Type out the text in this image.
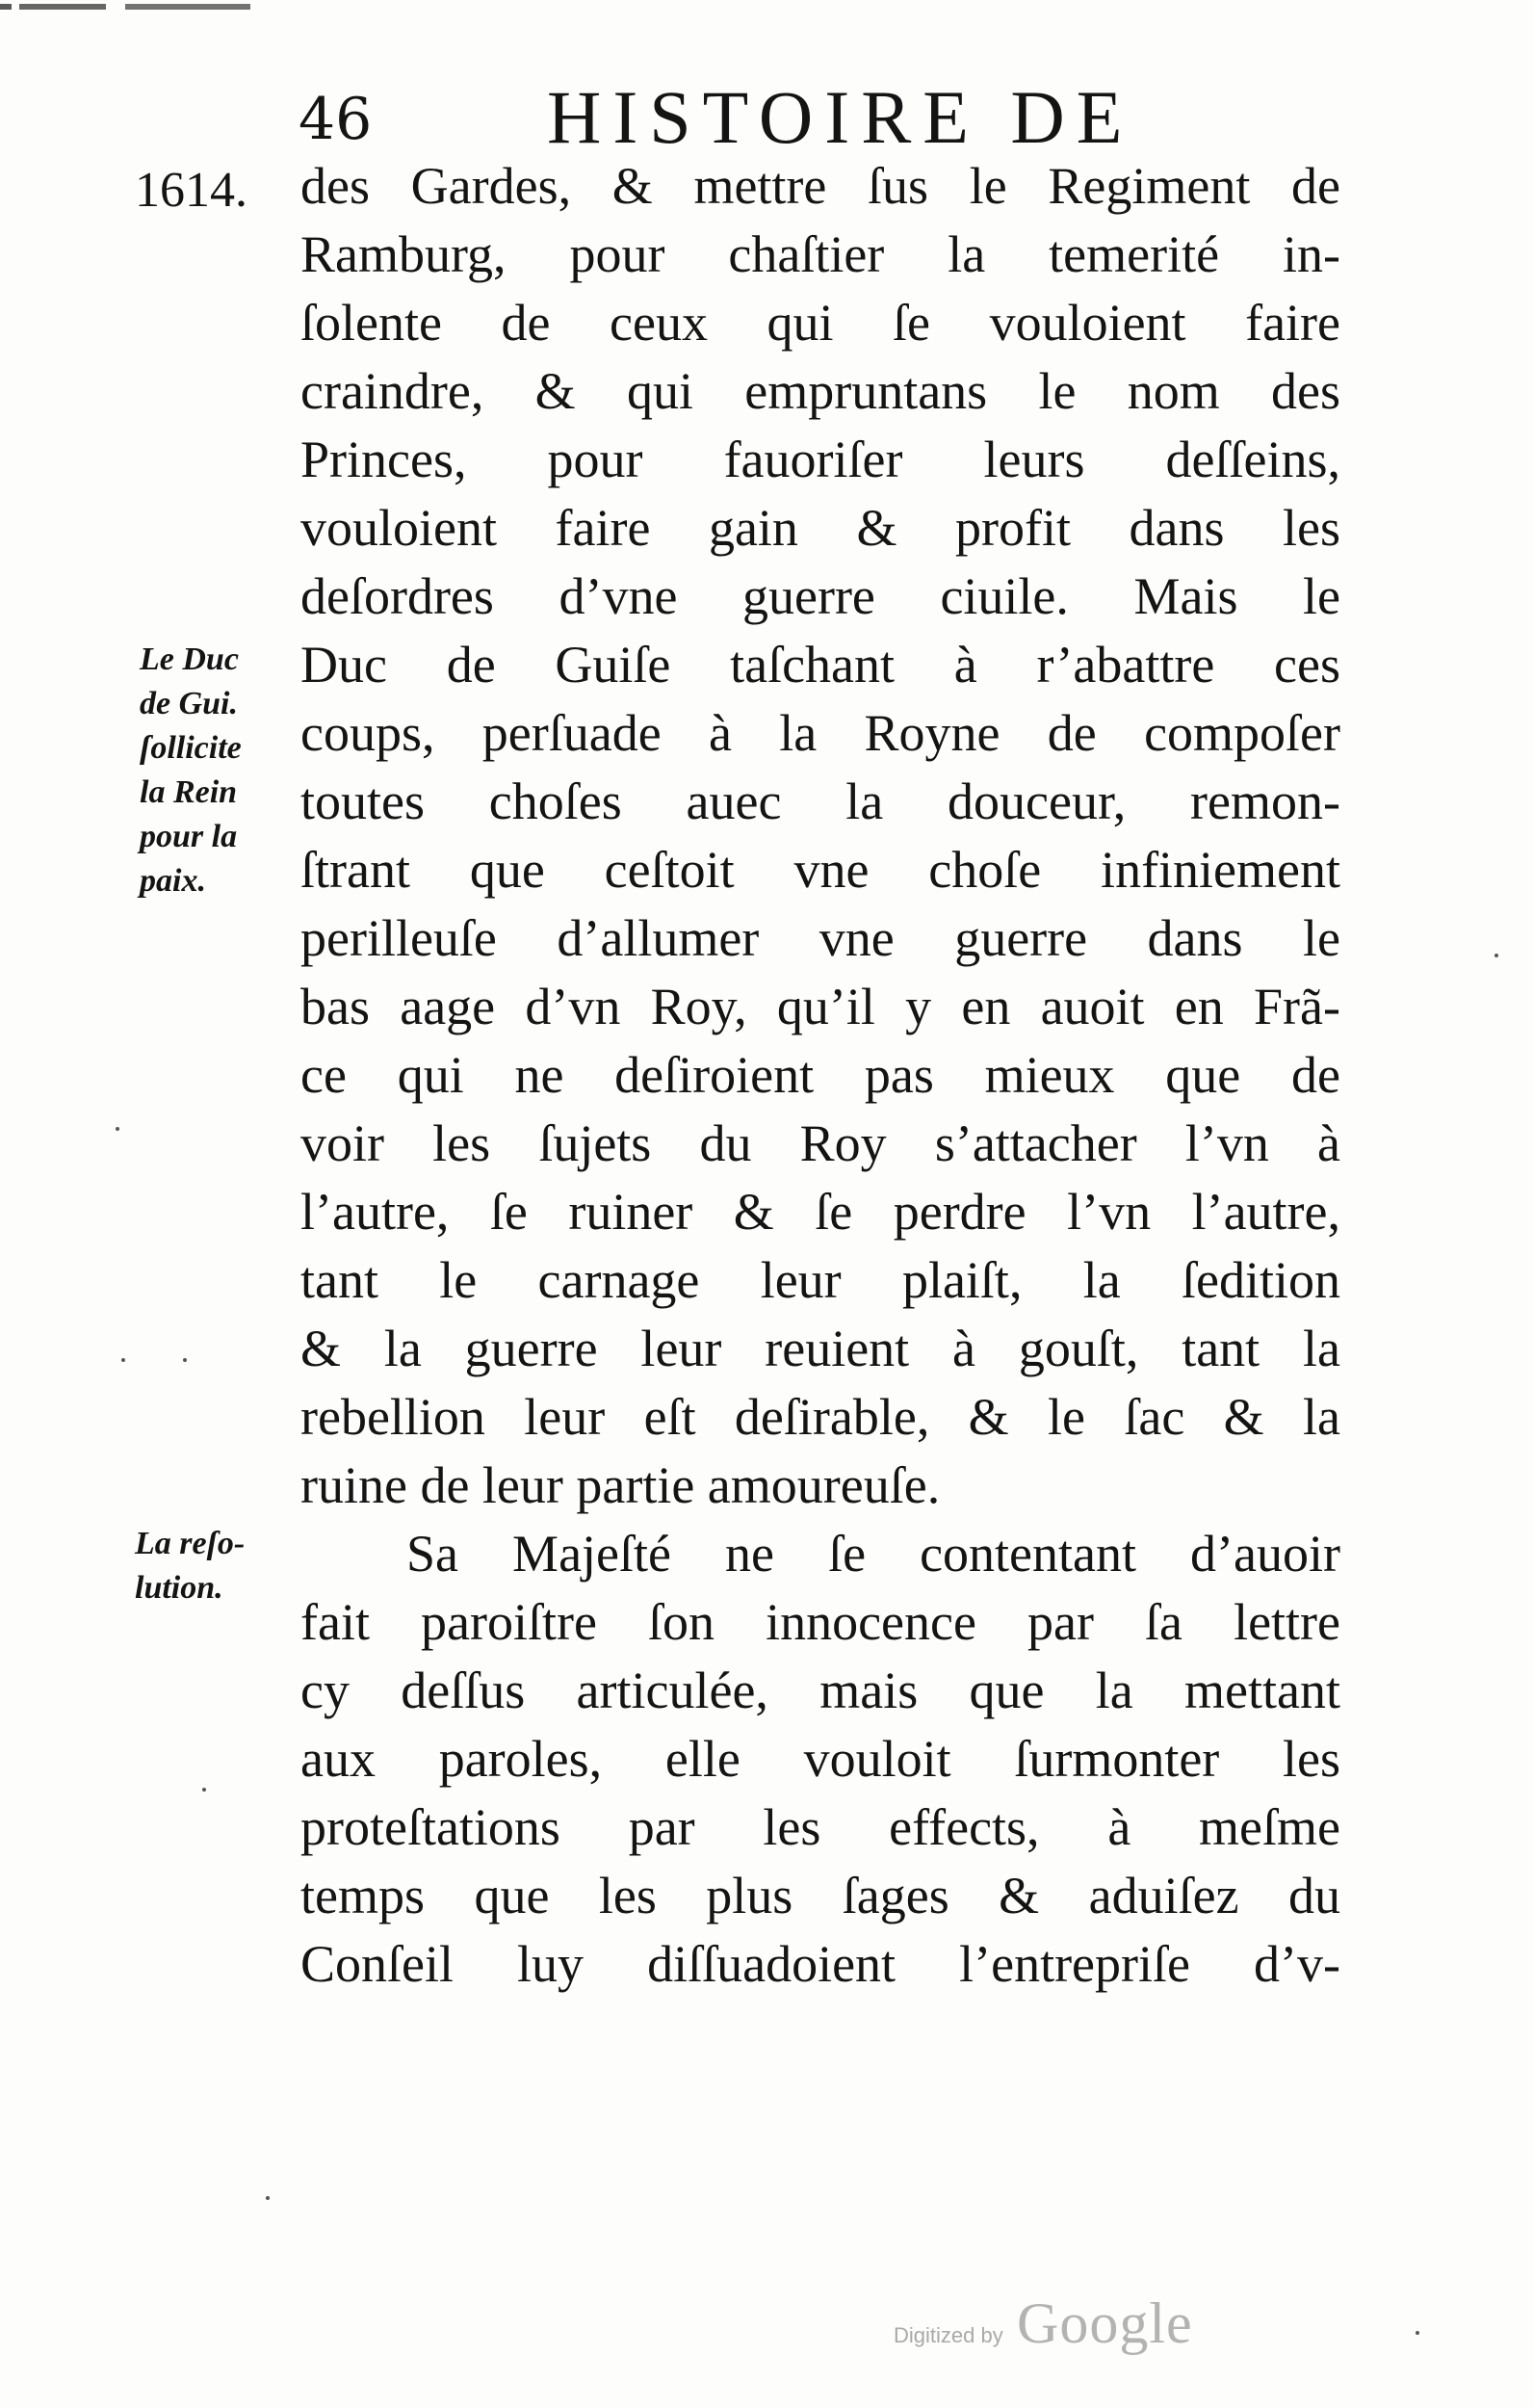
46 HISTOIRE DE
1614. des Gardes, & mettre ſus le Regiment de
Ramburg, pour chaſtier la temerité in-
ſolente de ceux qui ſe vouloient faire
craindre, & qui empruntans le nom des
Princes, pour fauoriſer leurs deſſeins,
vouloient faire gain & profit dans les
deſordres d’vne guerre ciuile. Mais le
Duc de Guiſe taſchant à r’abattre ces
coups, perſuade à la Royne de compoſer
toutes choſes auec la douceur, remon-
ſtrant que ceſtoit vne choſe infiniement
perilleuſe d’allumer vne guerre dans le
bas aage d’vn Roy, qu’il y en auoit en Frã-
ce qui ne deſiroient pas mieux que de
voir les ſujets du Roy s’attacher l’vn à
l’autre, ſe ruiner & ſe perdre l’vn l’autre,
tant le carnage leur plaiſt, la ſedition
& la guerre leur reuient à gouſt, tant la
rebellion leur eſt deſirable, & le ſac & la
ruine de leur partie amoureuſe.
Sa Majeſté ne ſe contentant d’auoir
fait paroiſtre ſon innocence par ſa lettre
cy deſſus articulée, mais que la mettant
aux paroles, elle vouloit ſurmonter les
proteſtations par les effects, à meſme
temps que les plus ſages & aduiſez du
Conſeil luy diſſuadoient l’entrepriſe d’v-
Le Duc
de Gui.
ſollicite
la Rein
pour la
paix.
La reſo-
lution.
Digitized by Google
